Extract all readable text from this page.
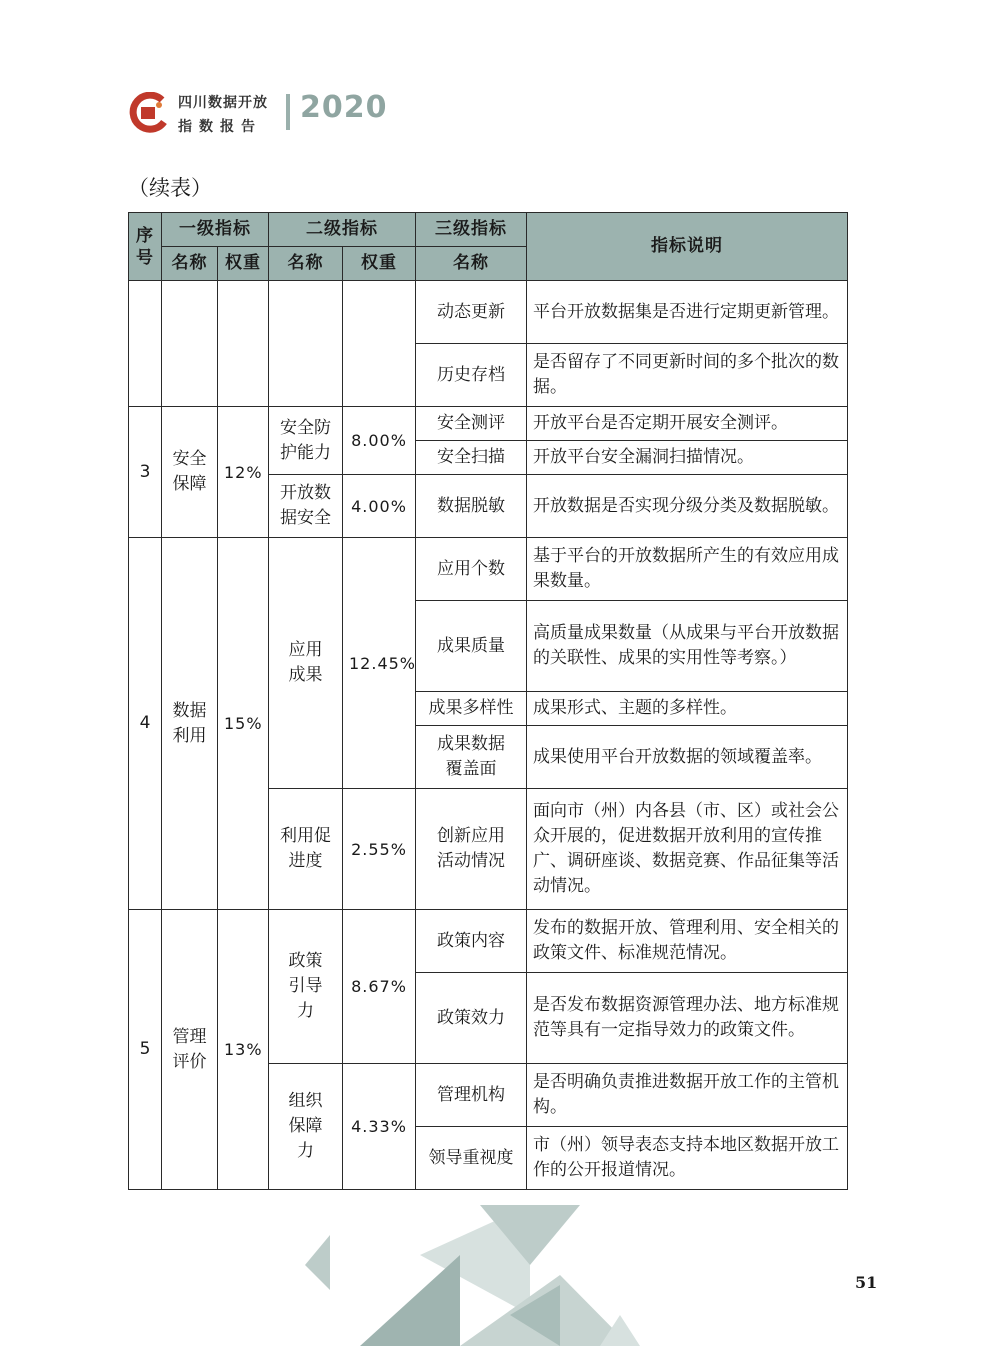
四川数据开放
指数报告
2020
（续表）
序号	一级指标		二级指标		三级指标	指标说明
	名称	权重	名称	权重	名称	
					动态更新	平台开放数据集是否进行定期更新管理。
					历史存档	是否留存了不同更新时间的多个批次的数据。
3	安全保障	12%	安全防护能力	8.00%	安全测评	开放平台是否定期开展安全测评。
					安全扫描	开放平台安全漏洞扫描情况。
			开放数据安全	4.00%	数据脱敏	开放数据是否实现分级分类及数据脱敏。
4	数据利用	15%	应用成果	12.45%	应用个数	基于平台的开放数据所产生的有效应用成果数量。
					成果质量	高质量成果数量（从成果与平台开放数据的关联性、成果的实用性等考察。）
					成果多样性	成果形式、主题的多样性。
					成果数据覆盖面	成果使用平台开放数据的领域覆盖率。
			利用促进度	2.55%	创新应用活动情况	面向市（州）内各县（市、区）或社会公众开展的，促进数据开放利用的宣传推广、调研座谈、数据竞赛、作品征集等活动情况。
5	管理评价	13%	政策引导力	8.67%	政策内容	发布的数据开放、管理利用、安全相关的政策文件、标准规范情况。
					政策效力	是否发布数据资源管理办法、地方标准规范等具有一定指导效力的政策文件。
			组织保障力	4.33%	管理机构	是否明确负责推进数据开放工作的主管机构。
					领导重视度	市（州）领导表态支持本地区数据开放工作的公开报道情况。
51
